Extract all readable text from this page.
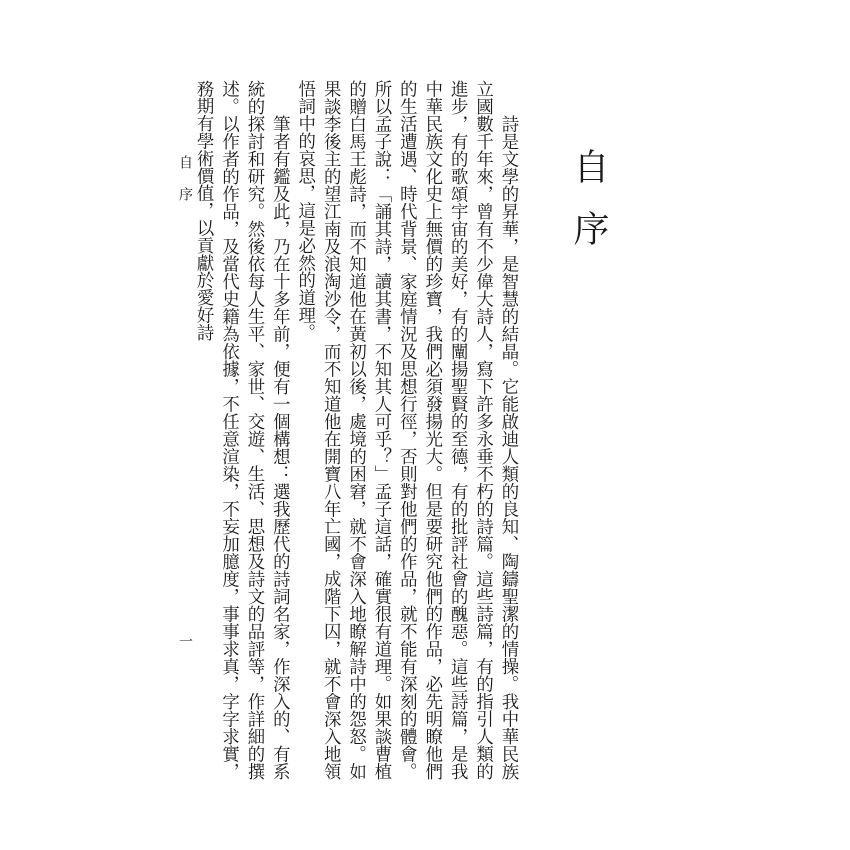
自序

詩是文學的昇華，是智慧的結晶。它能啟迪人類的良知、陶鑄聖潔的情操。我中華民族立國數千年來，曾有不少偉大詩人，寫下許多永垂不朽的詩篇。這些詩篇，有的指引人類的進步，有的歌頌宇宙的美好，有的闡揚聖賢的至德，有的批評社會的醜惡。這些詩篇，是我中華民族文化史上無價的珍寶，我們必須發揚光大。但是要研究他們的作品，必先明瞭他們的生活遭遇、時代背景、家庭情況及思想行徑，否則對他們的作品，就不能有深刻的體會。所以孟子說：「誦其詩，讀其書，不知其人可乎？」孟子這話，確實很有道理。如果談曹植的贈白馬王彪詩，而不知道他在黃初以後，處境的困窘，就不會深入地瞭解詩中的怨怒。如果談李後主的望江南及浪淘沙令，而不知道他在開寶八年亡國，成階下囚，就不會深入地領悟詞中的哀思，這是必然的道理。

筆者有鑑及此，乃在十多年前，便有一個構想：選我歷代的詩詞名家，作深入的、有系統的探討和研究。然後依每人生平、家世、交遊、生活、思想及詩文的品評等，作詳細的撰述。以作者的作品，及當代史籍為依據，不任意渲染，不妄加臆度，事事求真，字字求實，務期有學術價值，以貢獻於愛好詩

自序
一
